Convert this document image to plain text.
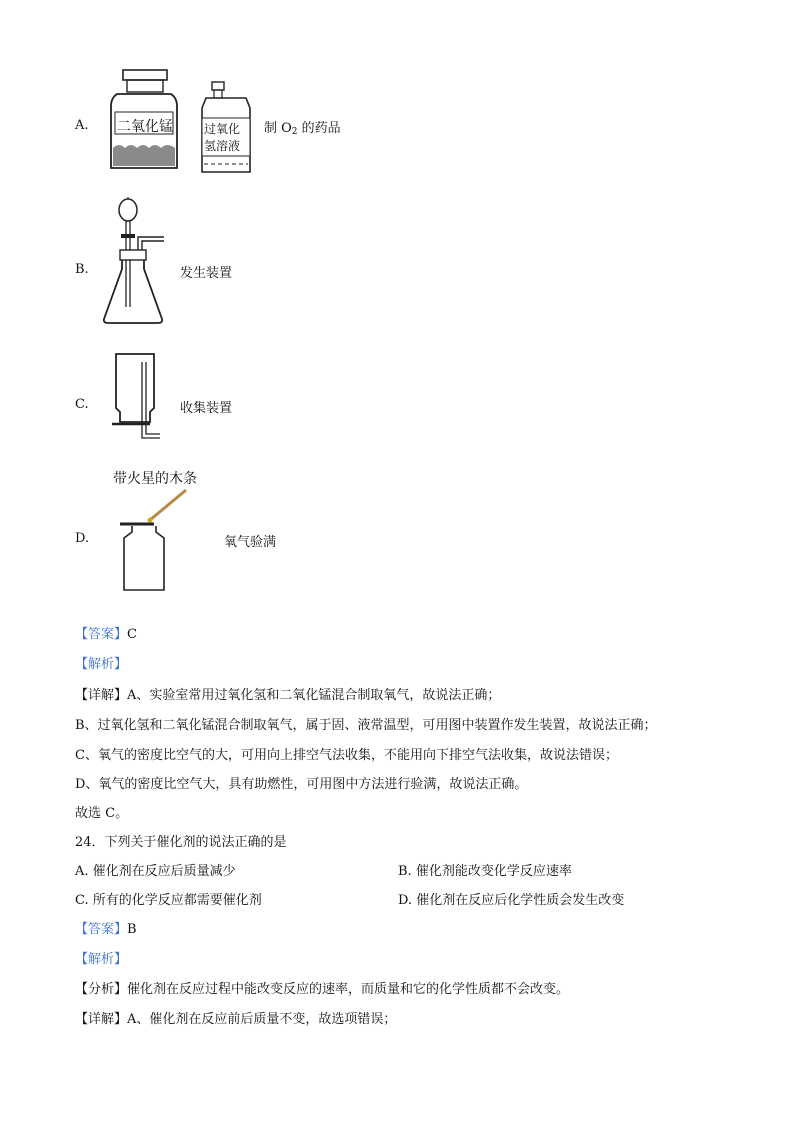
A. 二氧化锰	过氧化
氢溶液
制 $O_2$ 的药品
B.	发生装置
C.	收集装置
带火星的木条
D.	氧气验满
【答案】C
【解析】
【详解】A、实验室常用过氧化氢和二氧化锰混合制取氧气，故说法正确；
B、过氧化氢和二氧化锰混合制取氧气，属于固、液常温型，可用图中装置作发生装置，故说法正确；
C、氧气的密度比空气的大，可用向上排空气法收集，不能用向下排空气法收集，故说法错误；
D、氧气的密度比空气大，具有助燃性，可用图中方法进行验满，故说法正确。
故选 C。
24．下列关于催化剂的说法正确的是
A. 催化剂在反应后质量减少	B. 催化剂能改变化学反应速率
C. 所有的化学反应都需要催化剂	D. 催化剂在反应后化学性质会发生改变
【答案】B
【解析】
【分析】催化剂在反应过程中能改变反应的速率，而质量和它的化学性质都不会改变。
【详解】A、催化剂在反应前后质量不变，故选项错误；
